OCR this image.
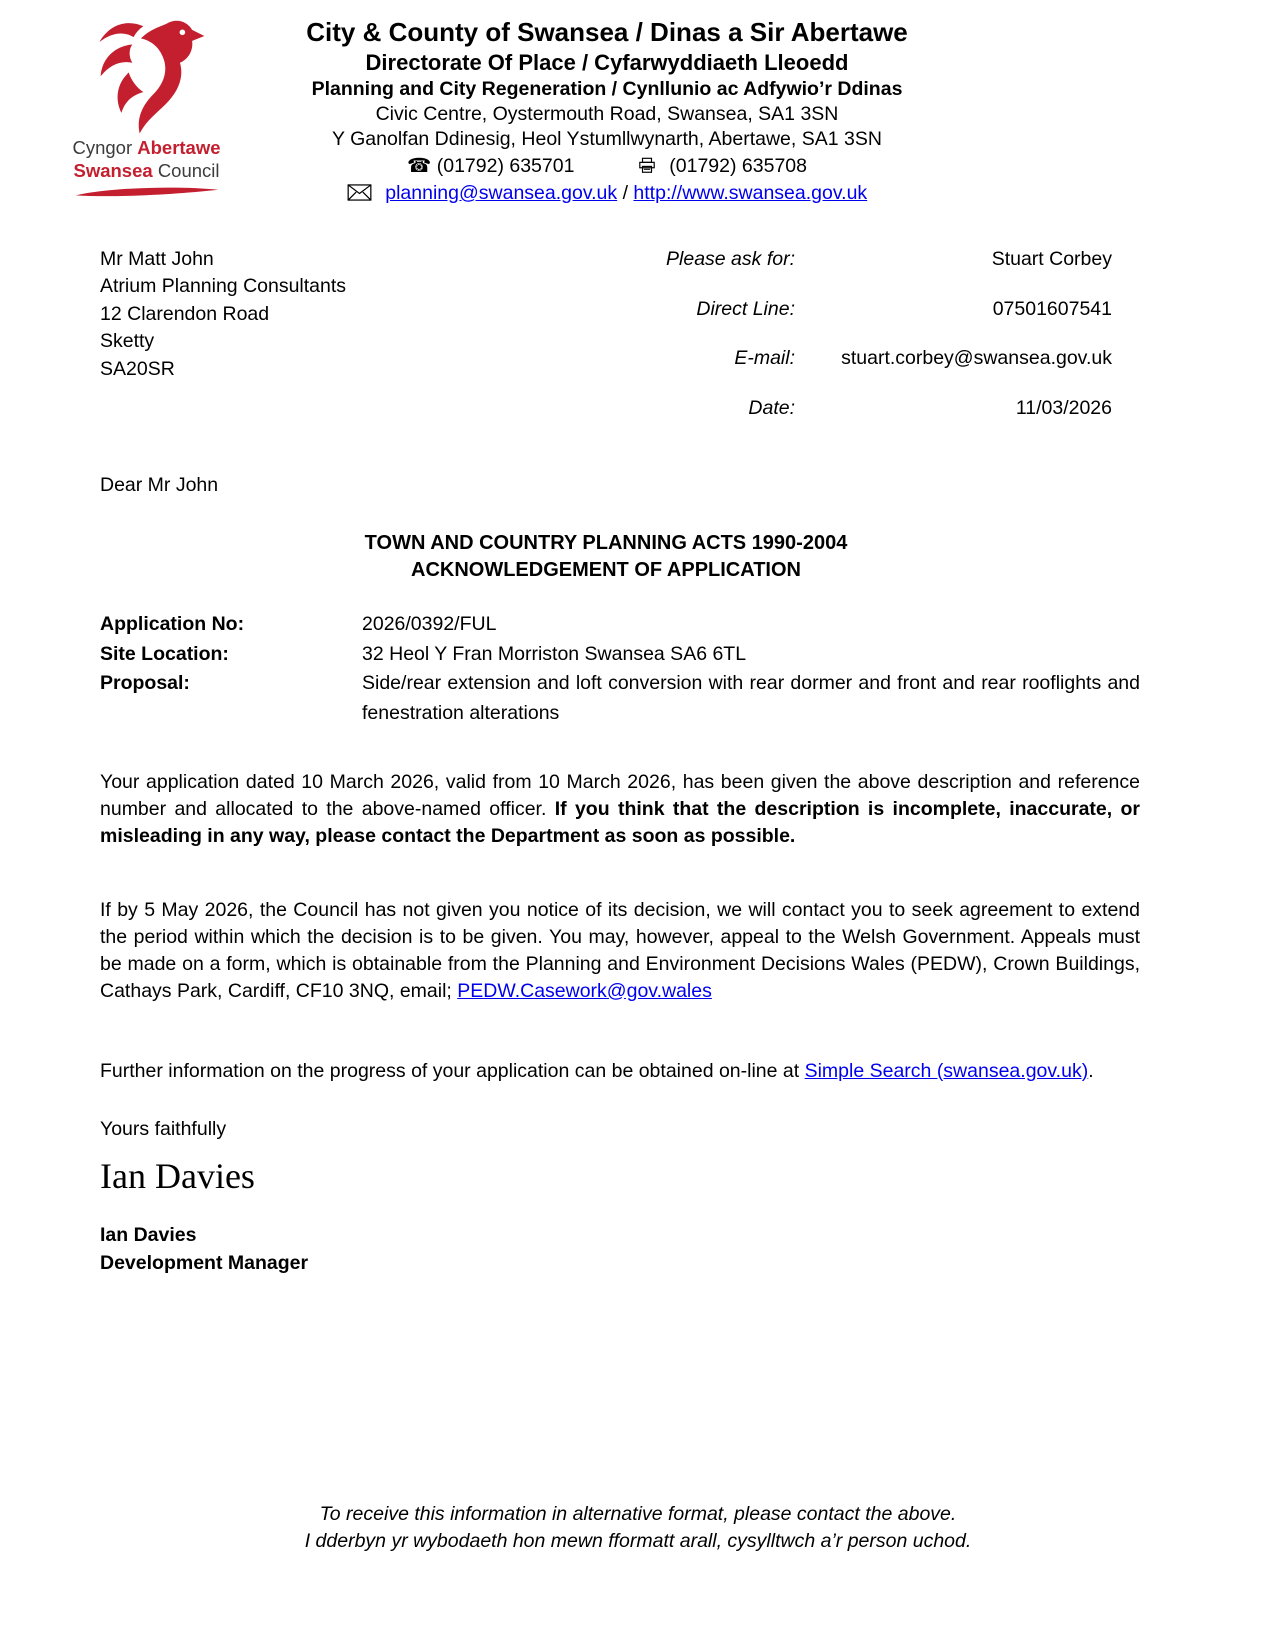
Cyngor Abertawe
Swansea Council
City & County of Swansea / Dinas a Sir Abertawe
Directorate Of Place / Cyfarwyddiaeth Lleoedd
Planning and City Regeneration / Cynllunio ac Adfywio’r Ddinas
Civic Centre, Oystermouth Road, Swansea, SA1 3SN
Y Ganolfan Ddinesig, Heol Ystumllwynarth, Abertawe, SA1 3SN
☎ (01792) 635701	(01792) 635708
planning@swansea.gov.uk / http://www.swansea.gov.uk
Mr Matt John
Atrium Planning Consultants
12 Clarendon Road
Sketty
SA20SR
Please ask for:	Stuart Corbey
Direct Line:	07501607541
E-mail:	stuart.corbey@swansea.gov.uk
Date:	11/03/2026
Dear Mr John
TOWN AND COUNTRY PLANNING ACTS 1990-2004
ACKNOWLEDGEMENT OF APPLICATION
Application No:	2026/0392/FUL
Site Location:	32 Heol Y Fran Morriston Swansea SA6 6TL
Proposal:	Side/rear extension and loft conversion with rear dormer and front and rear rooflights and fenestration alterations

Your application dated 10 March 2026, valid from 10 March 2026, has been given the above description and reference number and allocated to the above-named officer. If you think that the description is incomplete, inaccurate, or misleading in any way, please contact the Department as soon as possible.

If by 5 May 2026, the Council has not given you notice of its decision, we will contact you to seek agreement to extend the period within which the decision is to be given. You may, however, appeal to the Welsh Government. Appeals must be made on a form, which is obtainable from the Planning and Environment Decisions Wales (PEDW), Crown Buildings, Cathays Park, Cardiff, CF10 3NQ, email; PEDW.Casework@gov.wales

Further information on the progress of your application can be obtained on-line at Simple Search (swansea.gov.uk).

Yours faithfully
Ian Davies
Ian Davies
Development Manager
To receive this information in alternative format, please contact the above.
I dderbyn yr wybodaeth hon mewn fformatt arall, cysylltwch a’r person uchod.
